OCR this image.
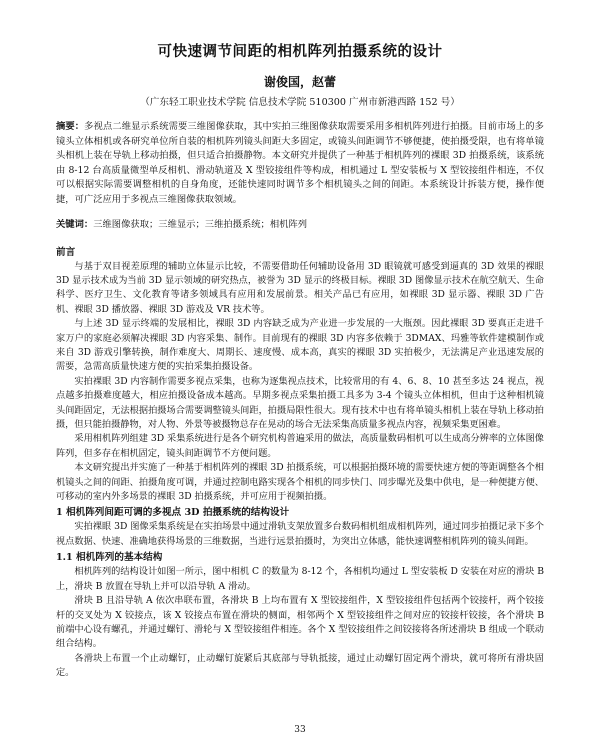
可快速调节间距的相机阵列拍摄系统的设计
谢俊国，赵蕾
（广东轻工职业技术学院 信息技术学院 510300 广州市新港西路 152 号）
摘要：多视点二维显示系统需要三维图像获取，其中实拍三维图像获取需要采用多相机阵列进行拍摄。目前市场上的多镜头立体相机或各研究单位所自装的相机阵列镜头间距大多固定，或镜头间距调节不够便捷，使拍摄受限，也有将单镜头相机上装在导轨上移动拍摄，但只适合拍摄静物。本文研究并提供了一种基于相机阵列的裸眼 3D 拍摄系统，该系统由 8-12 台高质量微型单反相机、滑动轨道及 X 型铰接组件等构成，相机通过 L 型安装板与 X 型铰接组件相连，不仅可以根据实际需要调整相机的自身角度，还能快速同时调节多个相机镜头之间的间距。本系统设计拆装方便，操作便捷，可广泛应用于多视点三维图像获取领域。
关键词：三维图像获取；三维显示；三维拍摄系统；相机阵列
前言

与基于双目视差原理的辅助立体显示比较，不需要借助任何辅助设备用 3D 眼镜就可感受到逼真的 3D 效果的裸眼 3D 显示技术成为当前 3D 显示领域的研究热点，被誉为 3D 显示的终极目标。裸眼 3D 图像显示技术在航空航天、生命科学、医疗卫生、文化教育等诸多领域具有应用和发展前景。相关产品已有应用，如裸眼 3D 显示器、裸眼 3D 广告机、裸眼 3D 播放器、裸眼 3D 游戏及 VR 技术等。

与上述 3D 显示终端的发展相比，裸眼 3D 内容缺乏成为产业进一步发展的一大瓶颈。因此裸眼 3D 要真正走进千家万户的家庭必须解决裸眼 3D 内容采集、制作。目前现有的裸眼 3D 内容多依赖于 3DMAX、玛雅等软件建模制作或来自 3D 游戏引擎转换，制作难度大、周期长、速度慢、成本高，真实的裸眼 3D 实拍极少，无法满足产业迅速发展的需要，急需高质量快速方便的实拍采集拍摄设备。

实拍裸眼 3D 内容制作需要多视点采集，也称为逐集视点技术，比较常用的有 4、6、8、10 甚至多达 24 视点，视点越多拍摄难度越大，相应拍摄设备成本越高。早期多视点采集拍摄工具多为 3-4 个镜头立体相机，但由于这种相机镜头间距固定，无法根据拍摄场合需要调整镜头间距，拍摄局限性很大。现有技术中也有将单镜头相机上装在导轨上移动拍摄，但只能拍摄静物，对人物、外景等被摄物总存在晃动的场合无法采集高质量多视点内容，视频采集更困难。

采用相机阵列组建 3D 采集系统进行是各个研究机构普遍采用的做法，高质量数码相机可以生成高分辨率的立体图像阵列，但多存在相机固定，镜头间距调节不方便问题。

本文研究提出并实施了一种基于相机阵列的裸眼 3D 拍摄系统，可以根据拍摄环境的需要快速方便的等距调整各个相机镜头之间的间距、拍摄角度可调，并通过控制电路实现各个相机的同步快门、同步曝光及集中供电，是一种便捷方便、可移动的室内外多场景的裸眼 3D 拍摄系统，并可应用于视频拍摄。

1 相机阵列间距可调的多视点 3D 拍摄系统的结构设计

实拍裸眼 3D 图像采集系统是在实拍场景中通过滑轨支架放置多台数码相机组成相机阵列，通过同步拍摄记录下多个视点数据、快速、准确地获得场景的三维数据，当进行远景拍摄时，为突出立体感，能快速调整相机阵列的镜头间距。

1.1 相机阵列的基本结构

相机阵列的结构设计如图一所示，图中相机 C 的数量为 8-12 个，各相机均通过 L 型安装板 D 安装在对应的滑块 B 上，滑块 B 放置在导轨上并可以沿导轨 A 滑动。

滑块 B 且沿导轨 A 依次串联布置，各滑块 B 上均布置有 X 型铰接组件，X 型铰接组件包括两个铰接杆，两个铰接杆的交叉处为 X 铰接点，该 X 铰接点布置在滑块的侧面，相邻两个 X 型铰接组件之间对应的铰接杆铰接，各个滑块 B 前端中心设有螺孔，并通过螺钉、滑轮与 X 型铰接组件相连。各个 X 型铰接组件之间铰接将各所述滑块 B 组成一个联动组合结构。

各滑块上布置一个止动螺钉，止动螺钉旋紧后其底部与导轨抵接，通过止动螺钉固定两个滑块，就可将所有滑块固定。

33
